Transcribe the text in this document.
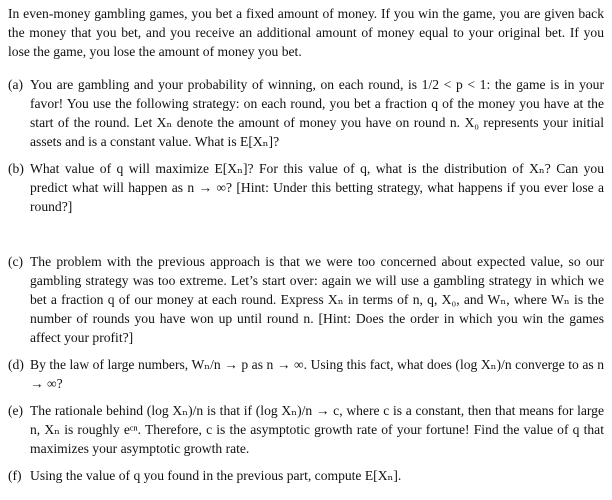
In even-money gambling games, you bet a fixed amount of money. If you win the game, you are given back the money that you bet, and you receive an additional amount of money equal to your original bet. If you lose the game, you lose the amount of money you bet.

(a) You are gambling and your probability of winning, on each round, is 1/2 < p < 1: the game is in your favor! You use the following strategy: on each round, you bet a fraction q of the money you have at the start of the round. Let Xₙ denote the amount of money you have on round n. X₀ represents your initial assets and is a constant value. What is E[Xₙ]?
(b) What value of q will maximize E[Xₙ]? For this value of q, what is the distribution of Xₙ? Can you predict what will happen as n → ∞? [Hint: Under this betting strategy, what happens if you ever lose a round?]
(c) The problem with the previous approach is that we were too concerned about expected value, so our gambling strategy was too extreme. Let’s start over: again we will use a gambling strategy in which we bet a fraction q of our money at each round. Express Xₙ in terms of n, q, X₀, and Wₙ, where Wₙ is the number of rounds you have won up until round n. [Hint: Does the order in which you win the games affect your profit?]
(d) By the law of large numbers, Wₙ/n → p as n → ∞. Using this fact, what does (log Xₙ)/n converge to as n → ∞?
(e) The rationale behind (log Xₙ)/n is that if (log Xₙ)/n → c, where c is a constant, then that means for large n, Xₙ is roughly eᶜⁿ. Therefore, c is the asymptotic growth rate of your fortune! Find the value of q that maximizes your asymptotic growth rate.
(f) Using the value of q you found in the previous part, compute E[Xₙ].
